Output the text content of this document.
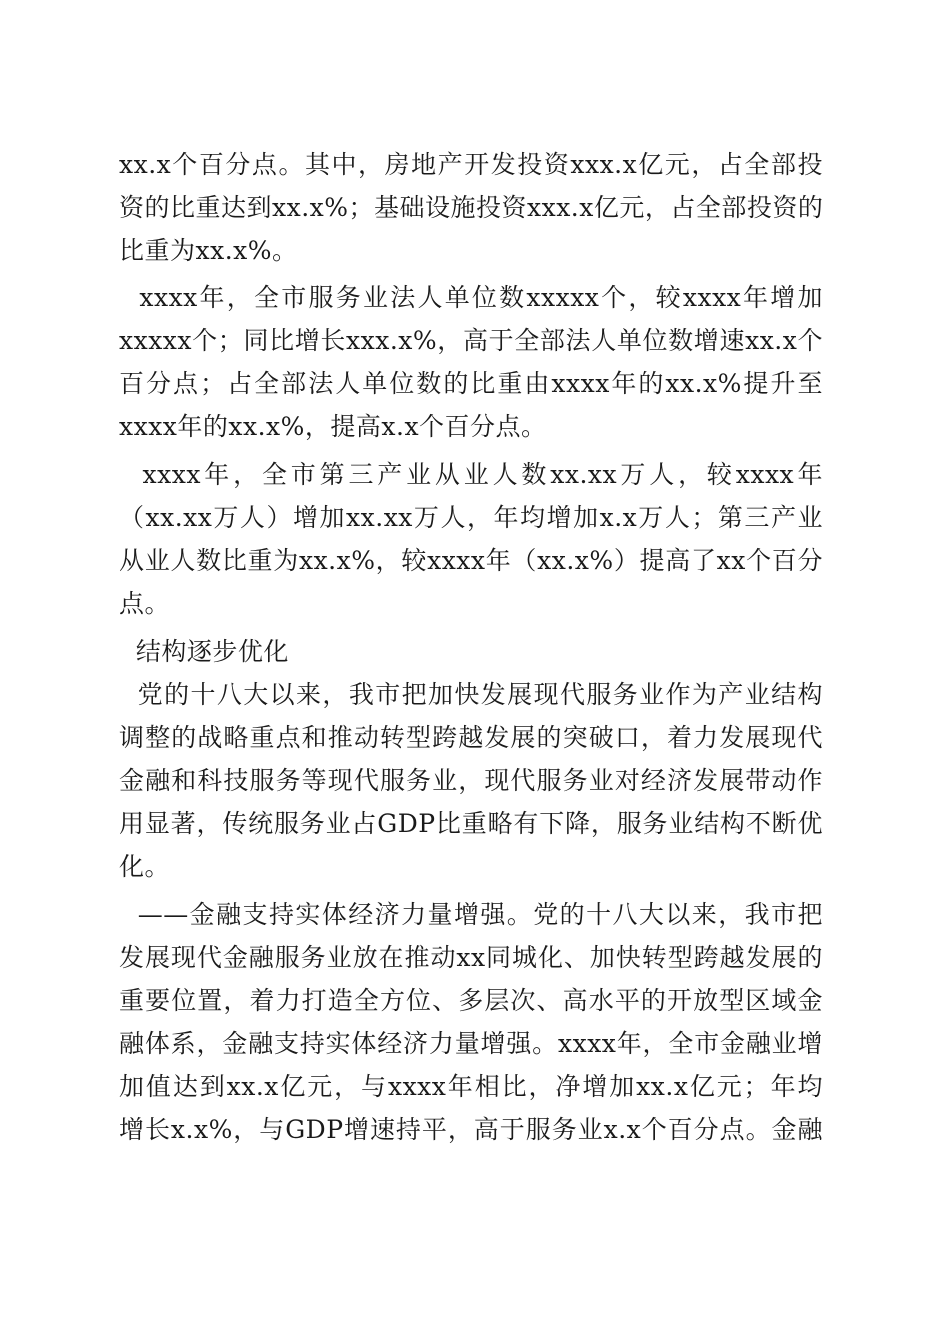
xx.x个百分点。其中，房地产开发投资xxx.x亿元，占全部投
资的比重达到xx.x%；基础设施投资xxx.x亿元，占全部投资的
比重为xx.x%。
xxxx年，全市服务业法人单位数xxxxx个，较xxxx年增加
xxxxx个；同比增长xxx.x%，高于全部法人单位数增速xx.x个
百分点；占全部法人单位数的比重由xxxx年的xx.x%提升至
xxxx年的xx.x%，提高x.x个百分点。
xxxx年，全市第三产业从业人数xx.xx万人，较xxxx年
（xx.xx万人）增加xx.xx万人，年均增加x.x万人；第三产业
从业人数比重为xx.x%，较xxxx年（xx.x%）提高了xx个百分
点。
结构逐步优化
党的十八大以来，我市把加快发展现代服务业作为产业结构
调整的战略重点和推动转型跨越发展的突破口，着力发展现代
金融和科技服务等现代服务业，现代服务业对经济发展带动作
用显著，传统服务业占GDP比重略有下降，服务业结构不断优
化。
——金融支持实体经济力量增强。党的十八大以来，我市把
发展现代金融服务业放在推动xx同城化、加快转型跨越发展的
重要位置，着力打造全方位、多层次、高水平的开放型区域金
融体系，金融支持实体经济力量增强。xxxx年，全市金融业增
加值达到xx.x亿元，与xxxx年相比，净增加xx.x亿元；年均
增长x.x%，与GDP增速持平，高于服务业x.x个百分点。金融
